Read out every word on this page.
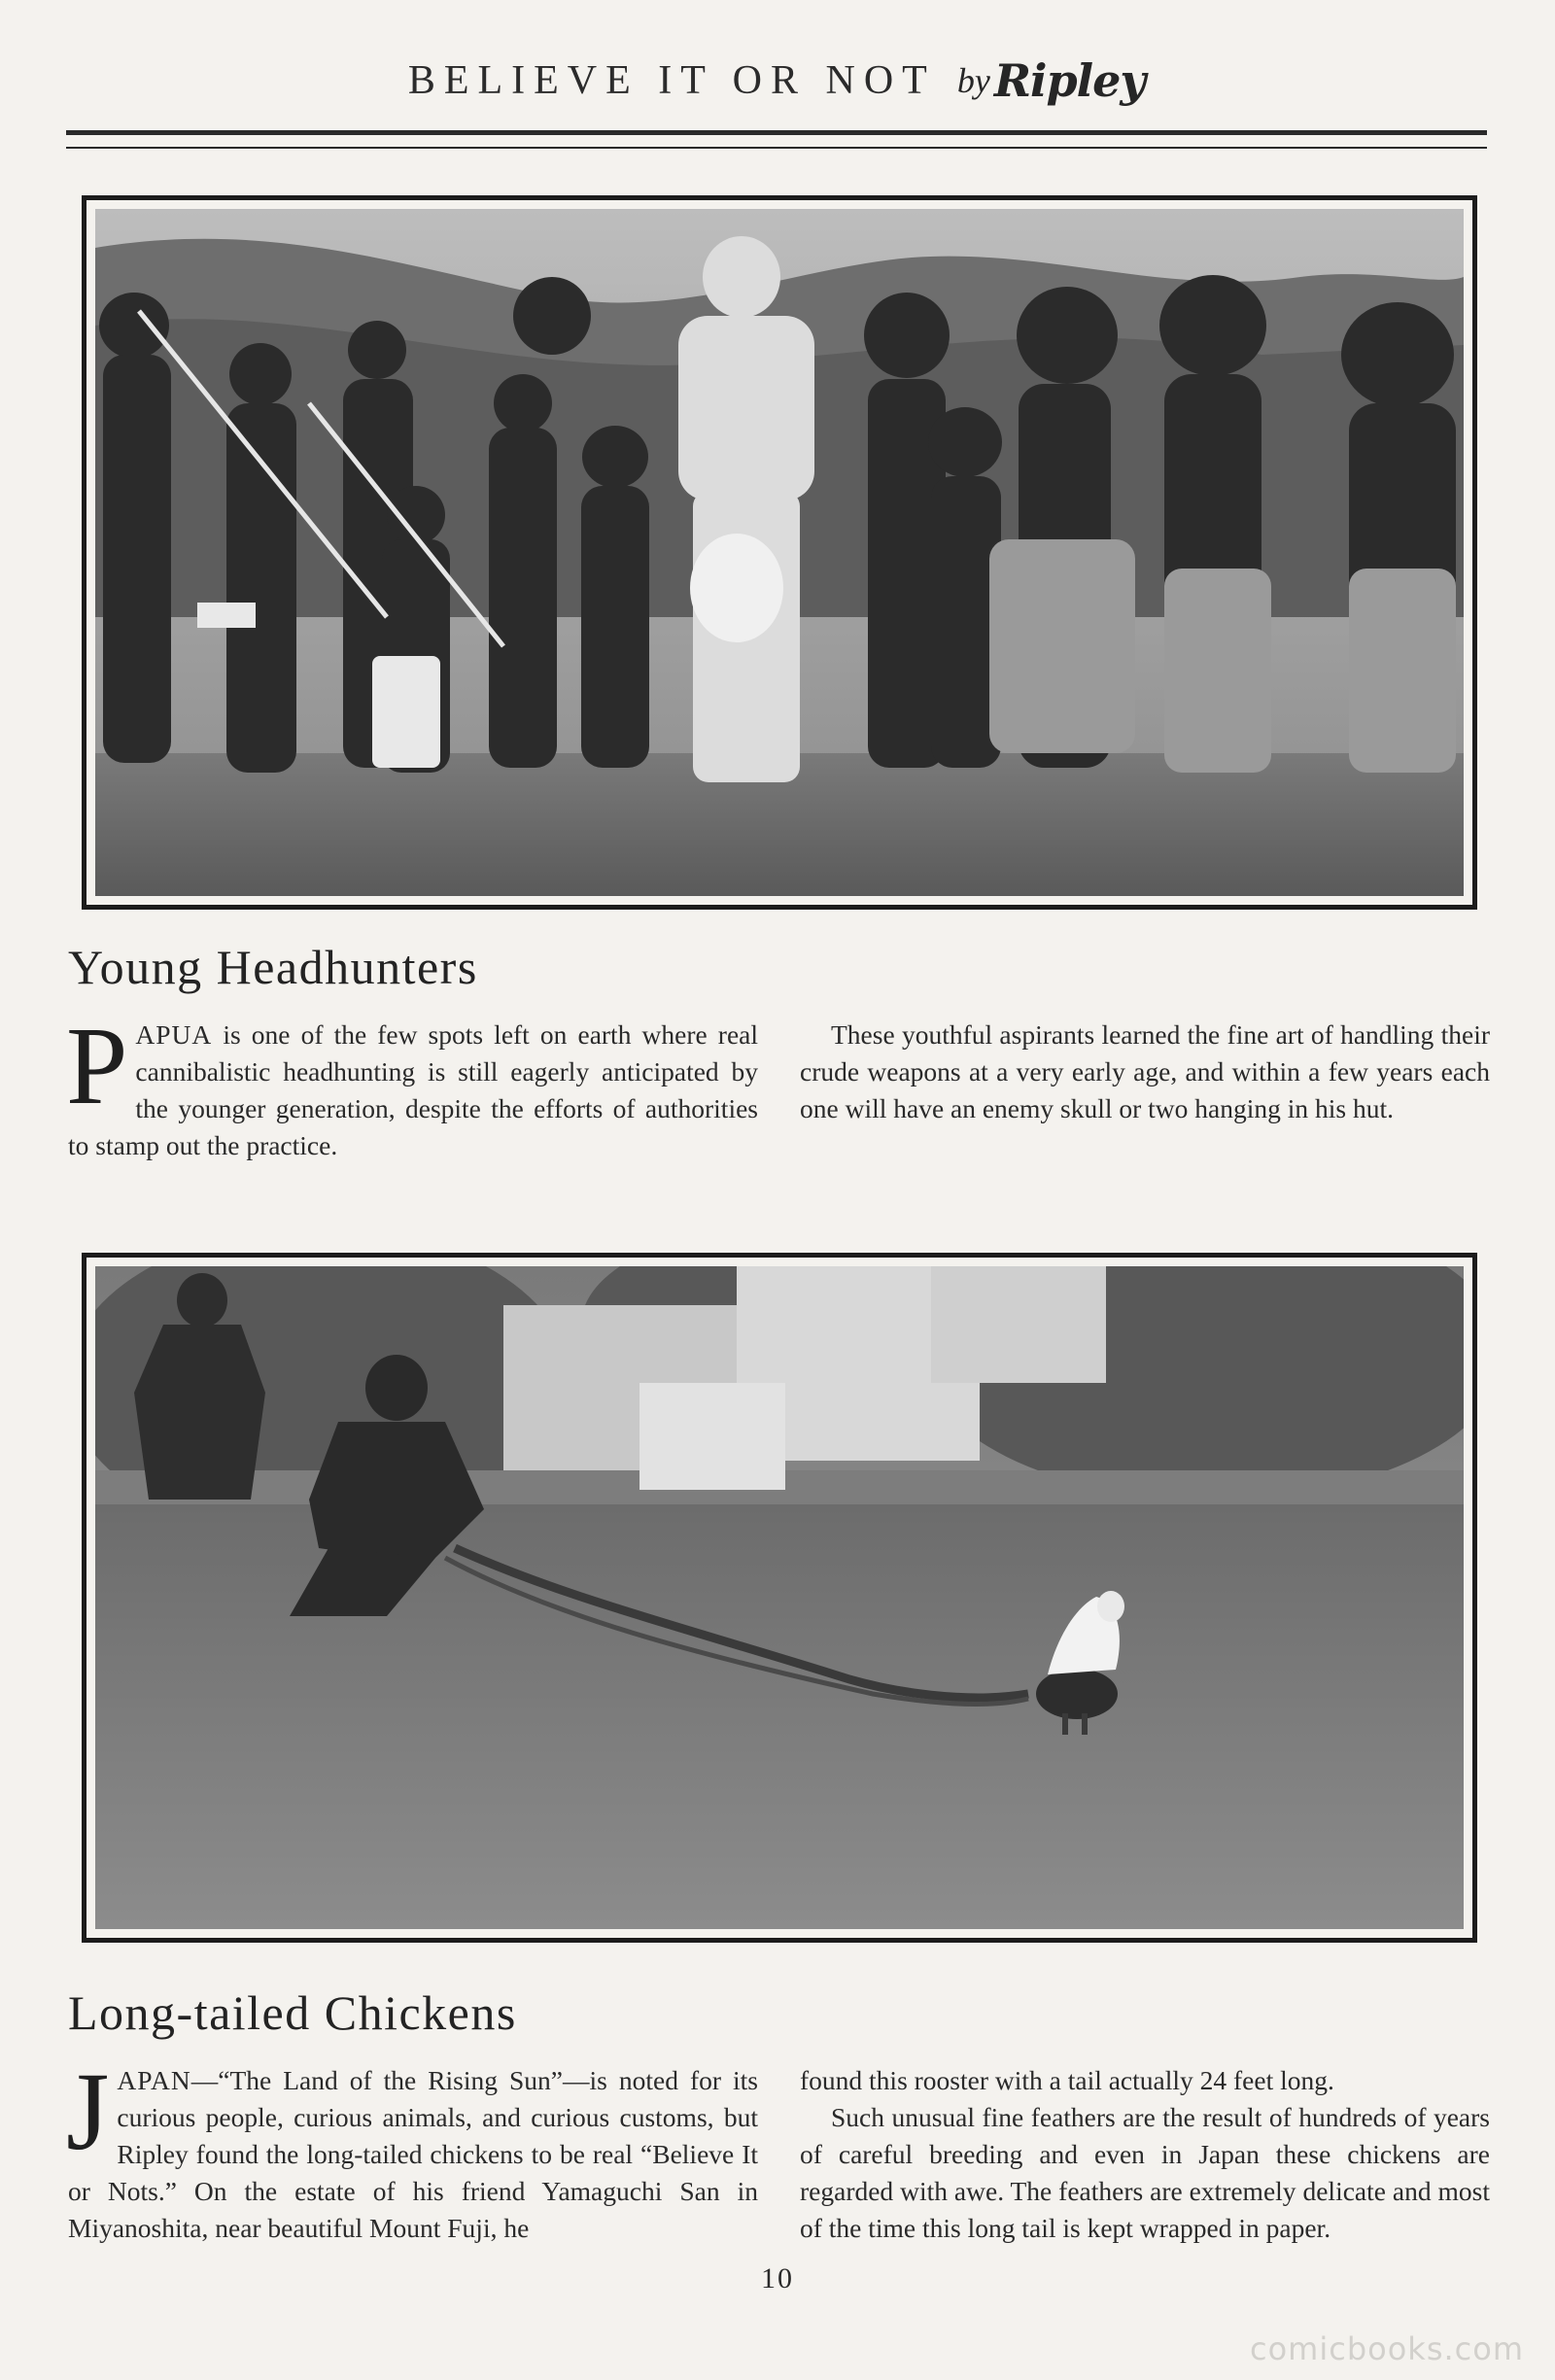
BELIEVE IT OR NOT by Ripley
Young Headhunters

PAPUA is one of the few spots left on earth where real cannibalistic headhunting is still eagerly anticipated by the younger generation, despite the efforts of authorities to stamp out the practice.

These youthful aspirants learned the fine art of handling their crude weapons at a very early age, and within a few years each one will have an enemy skull or two hanging in his hut.

Long-tailed Chickens

JAPAN—“The Land of the Rising Sun”—is noted for its curious people, curious animals, and curious customs, but Ripley found the long-tailed chickens to be real “Believe It or Nots.” On the estate of his friend Yamaguchi San in Miyanoshita, near beautiful Mount Fuji, he

found this rooster with a tail actually 24 feet long.

Such unusual fine feathers are the result of hundreds of years of careful breeding and even in Japan these chickens are regarded with awe. The feathers are extremely delicate and most of the time this long tail is kept wrapped in paper.

10
comicbooks.com
